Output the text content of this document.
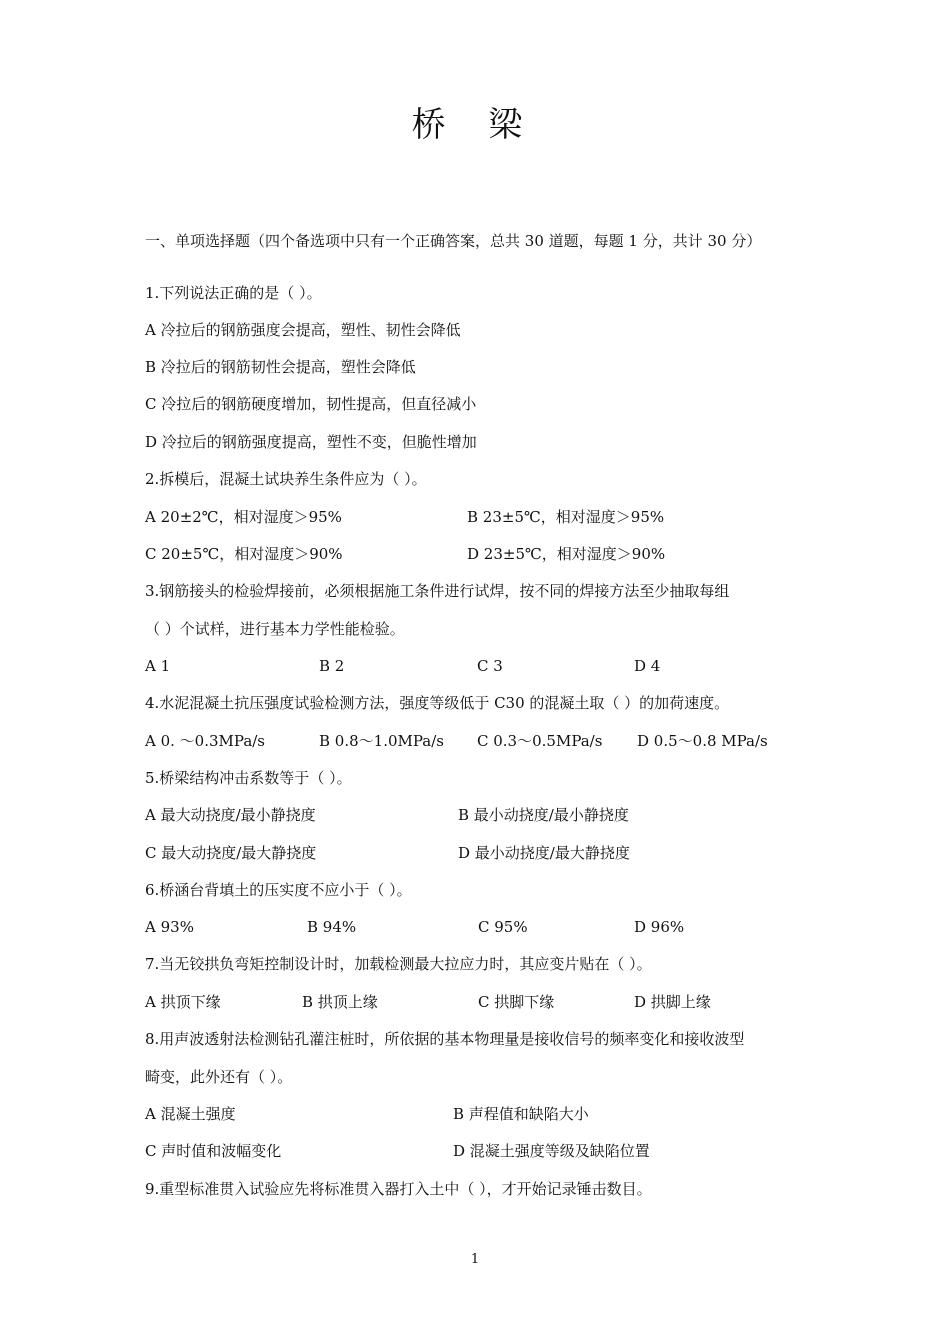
桥 梁
一、单项选择题（四个备选项中只有一个正确答案，总共 30 道题，每题 1 分，共计 30 分）
1.下列说法正确的是（ ）。
A 冷拉后的钢筋强度会提高，塑性、韧性会降低
B 冷拉后的钢筋韧性会提高，塑性会降低
C 冷拉后的钢筋硬度增加，韧性提高，但直径减小
D 冷拉后的钢筋强度提高，塑性不变，但脆性增加
2.拆模后，混凝土试块养生条件应为（ ）。
A 20±2℃，相对湿度＞95%	B 23±5℃，相对湿度＞95%
C 20±5℃，相对湿度＞90%	D 23±5℃，相对湿度＞90%
3.钢筋接头的检验焊接前，必须根据施工条件进行试焊，按不同的焊接方法至少抽取每组
（ ）个试样，进行基本力学性能检验。
A 1	B 2	C 3	D 4
4.水泥混凝土抗压强度试验检测方法，强度等级低于 C30 的混凝土取（ ）的加荷速度。
A 0. ～0.3MPa/s	B 0.8～1.0MPa/s C 0.3～0.5MPa/s D 0.5～0.8 MPa/s
5.桥梁结构冲击系数等于（ ）。
A 最大动挠度/最小静挠度	B 最小动挠度/最小静挠度
C 最大动挠度/最大静挠度	D 最小动挠度/最大静挠度
6.桥涵台背填土的压实度不应小于（ ）。
A 93%	B 94%	C 95%	D 96%
7.当无铰拱负弯矩控制设计时，加载检测最大拉应力时，其应变片贴在（ ）。
A 拱顶下缘	B 拱顶上缘	C 拱脚下缘	D 拱脚上缘
8.用声波透射法检测钻孔灌注桩时，所依据的基本物理量是接收信号的频率变化和接收波型
畸变，此外还有（ ）。
A 混凝土强度	B 声程值和缺陷大小
C 声时值和波幅变化	D 混凝土强度等级及缺陷位置
9.重型标准贯入试验应先将标准贯入器打入土中（ ），才开始记录锤击数目。
1
